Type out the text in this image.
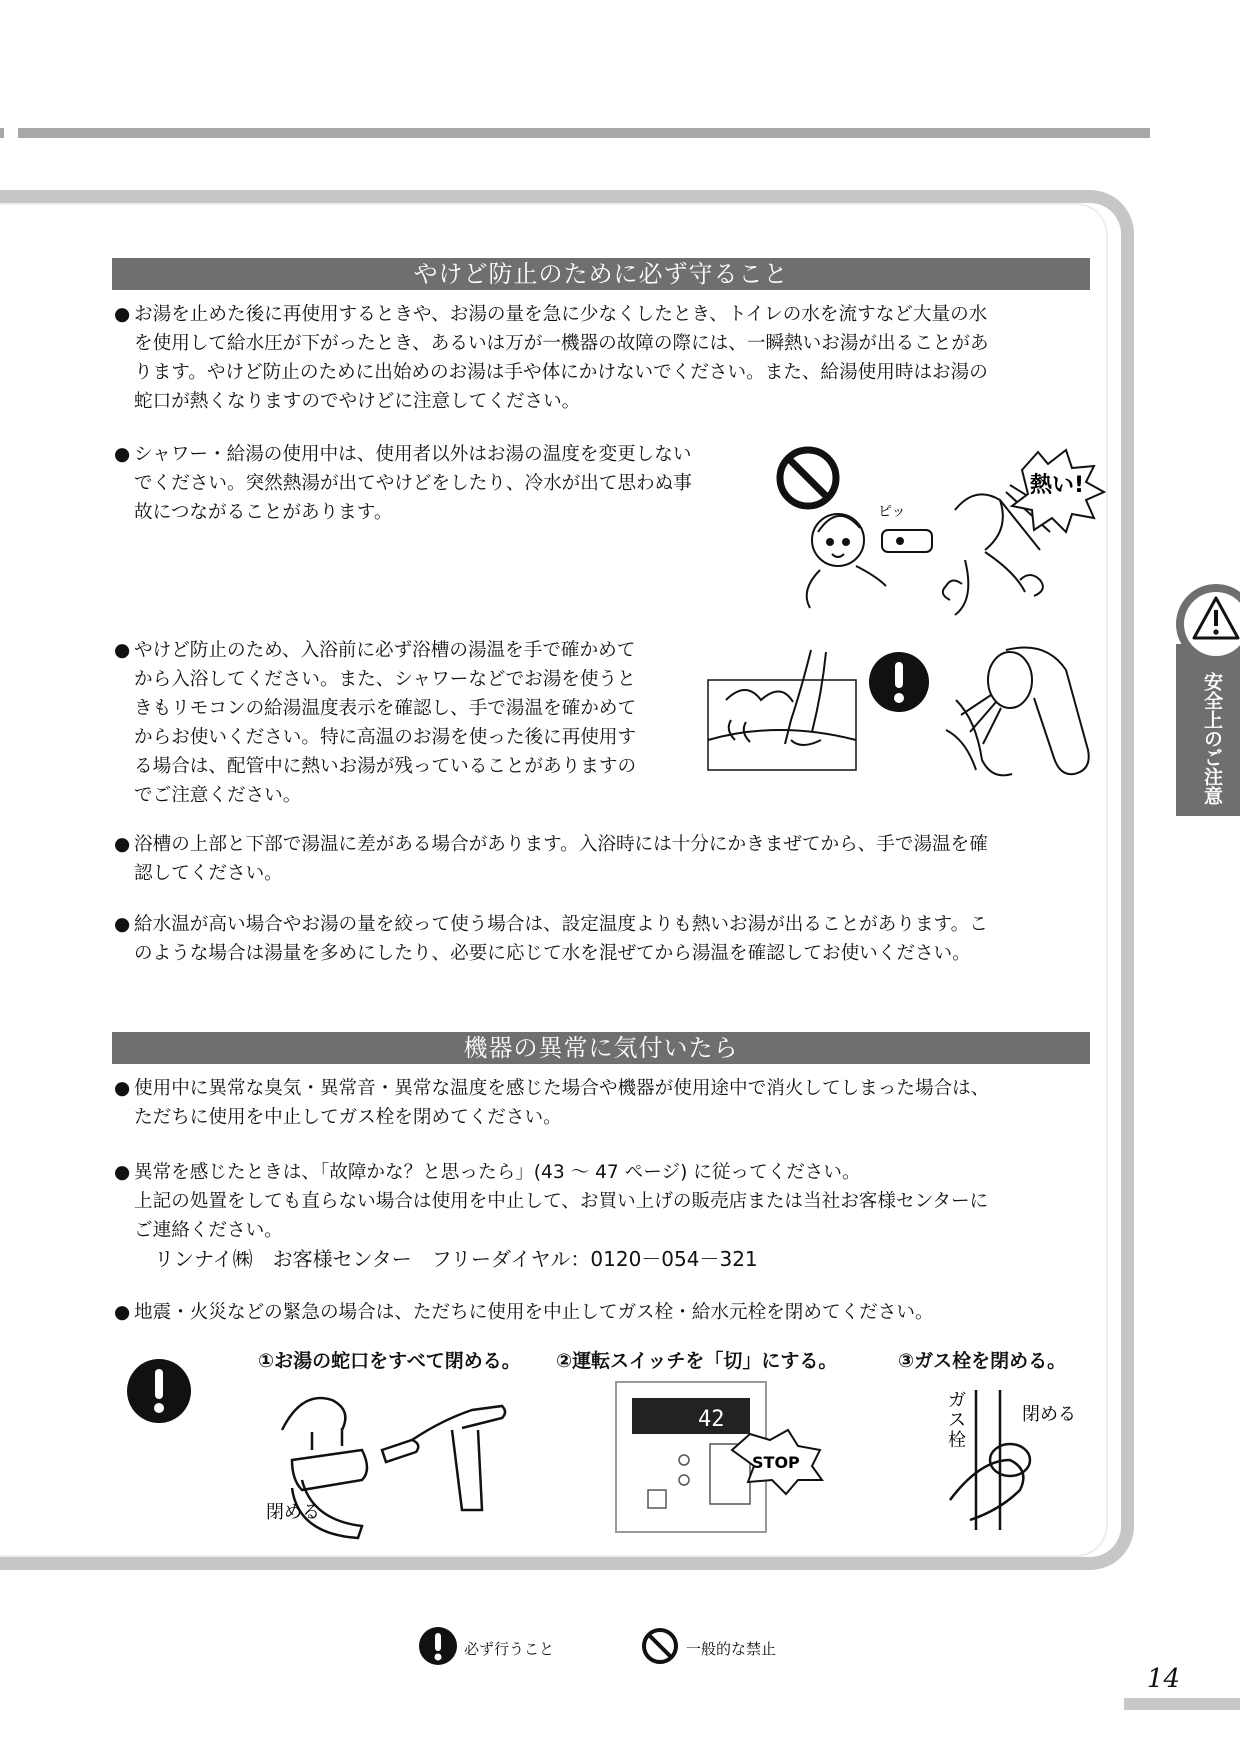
やけど防止のために必ず守ること
● お湯を止めた後に再使用するときや、お湯の量を急に少なくしたとき、トイレの水を流すなど大量の水
を使用して給水圧が下がったとき、あるいは万が一機器の故障の際には、一瞬熱いお湯が出ることがあ
ります。やけど防止のために出始めのお湯は手や体にかけないでください。また、給湯使用時はお湯の
蛇口が熱くなりますのでやけどに注意してください。
● シャワー・給湯の使用中は、使用者以外はお湯の温度を変更しない
でください。突然熱湯が出てやけどをしたり、冷水が出て思わぬ事
故につながることがあります。	ピッ
熱い!
● やけど防止のため、入浴前に必ず浴槽の湯温を手で確かめて
から入浴してください。また、シャワーなどでお湯を使うと
きもリモコンの給湯温度表示を確認し、手で湯温を確かめて
からお使いください。特に高温のお湯を使った後に再使用す
る場合は、配管中に熱いお湯が残っていることがありますの
でご注意ください。
● 浴槽の上部と下部で湯温に差がある場合があります。入浴時には十分にかきまぜてから、手で湯温を確
認してください。
● 給水温が高い場合やお湯の量を絞って使う場合は、設定温度よりも熱いお湯が出ることがあります。こ
のような場合は湯量を多めにしたり、必要に応じて水を混ぜてから湯温を確認してお使いください。
機器の異常に気付いたら
● 使用中に異常な臭気・異常音・異常な温度を感じた場合や機器が使用途中で消火してしまった場合は、
ただちに使用を中止してガス栓を閉めてください。
● 異常を感じたときは、「故障かな？と思ったら」(43 ～ 47 ページ) に従ってください。
上記の処置をしても直らない場合は使用を中止して、お買い上げの販売店または当社お客様センターに
ご連絡ください。
リンナイ㈱　お客様センター　フリーダイヤル：0120－054－321
● 地震・火災などの緊急の場合は、ただちに使用を中止してガス栓・給水元栓を閉めてください。
①お湯の蛇口をすべて閉める。 ②運転スイッチを「切」にする。	③ガス栓を閉める。
閉める
42
STOP
ガ
ス
栓
閉める
安全上のご注意
必ず行うこと	一般的な禁止
14
